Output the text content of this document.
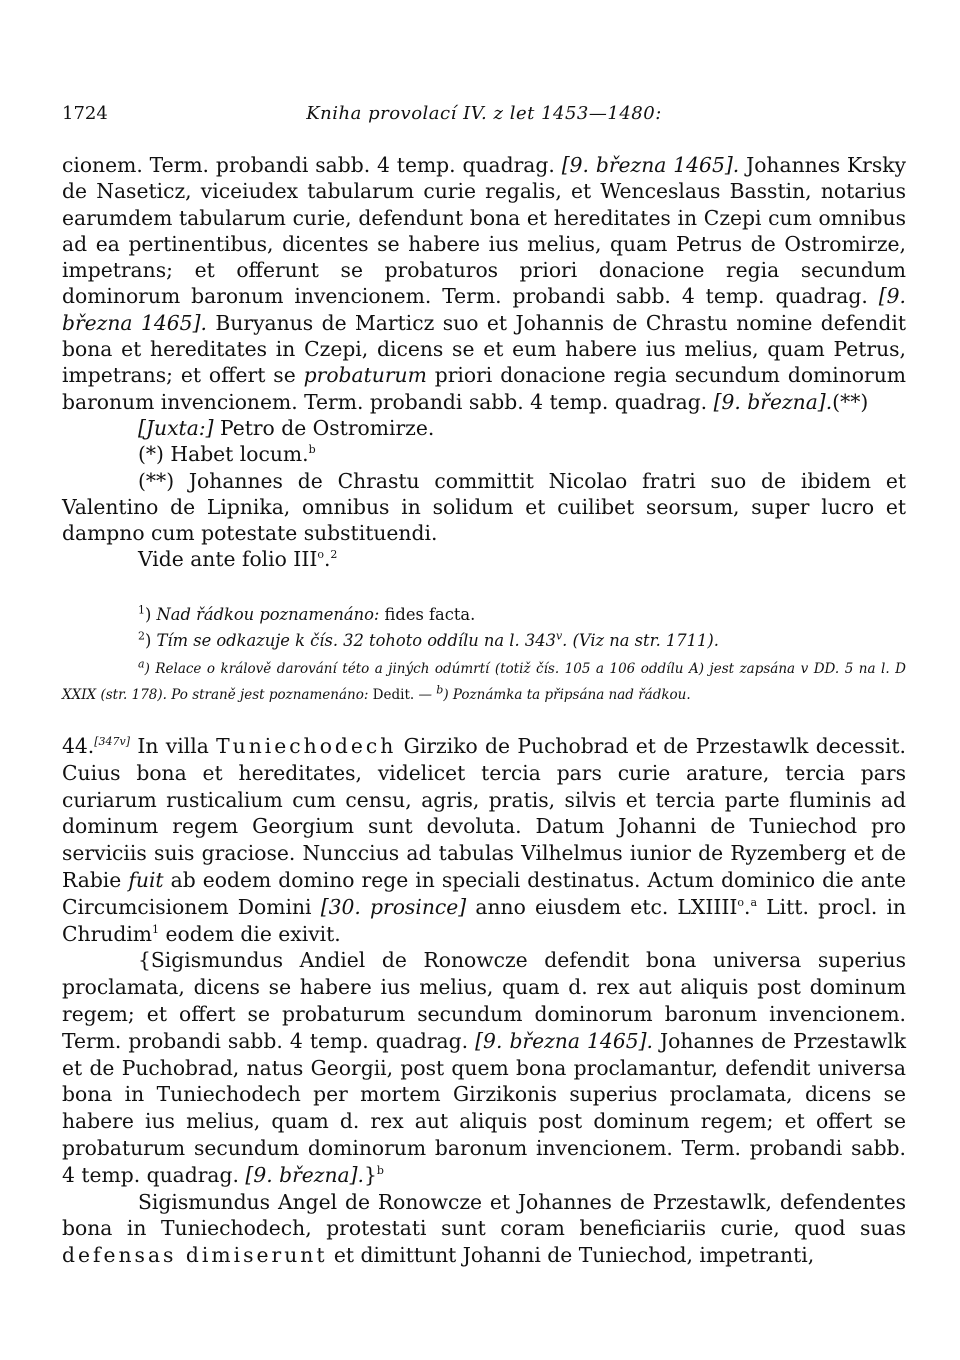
1724	Kniha provolací IV. z let 1453—1480:

cionem. Term. probandi sabb. 4 temp. quadrag. [9. března 1465]. Johannes Krsky de Naseticz, viceiudex tabularum curie regalis, et Wenceslaus Basstin, notarius earumdem tabularum curie, defendunt bona et hereditates in Czepi cum omnibus ad ea pertinentibus, dicentes se habere ius melius, quam Petrus de Ostromirze, impetrans; et offerunt se probaturos priori donacione regia secundum dominorum baronum invencionem. Term. probandi sabb. 4 temp. quadrag. [9. března 1465]. Buryanus de Marticz suo et Johannis de Chrastu nomine defendit bona et hereditates in Czepi, dicens se et eum habere ius melius, quam Petrus, impetrans; et offert se probaturum priori donacione regia secundum dominorum baronum invencionem. Term. probandi sabb. 4 temp. quadrag. [9. března].(**)

[Juxta:] Petro de Ostromirze.

(*) Habet locum.$^b$

(**) Johannes de Chrastu committit Nicolao fratri suo de ibidem et Valentino de Lipnika, omnibus in solidum et cuilibet seorsum, super lucro et dampno cum potestate substituendi.

Vide ante folio III$^o$.$^2$

$^1$) Nad řádkou poznamenáno: fides facta.

$^2$) Tím se odkazuje k čís. 32 tohoto oddílu na l. 343$^v$. (Viz na str. 1711).

$^a$) Relace o králově darování této a jiných odúmrtí (totiž čís. 105 a 106 oddílu A) jest zapsána v DD. 5 na l. D XXIX (str. 178). Po straně jest poznamenáno: Dedit. — $^b$) Poznámka ta připsána nad řádkou.

44.[347v] In villa Tuniechodech Girziko de Puchobrad et de Przestawlk decessit. Cuius bona et hereditates, videlicet tercia pars curie arature, tercia pars curiarum rusticalium cum censu, agris, pratis, silvis et tercia parte fluminis ad dominum regem Georgium sunt devoluta. Datum Johanni de Tuniechod pro serviciis suis graciose. Nunccius ad tabulas Vilhelmus iunior de Ryzemberg et de Rabie fuit ab eodem domino rege in speciali destinatus. Actum dominico die ante Circumcisionem Domini [30. prosince] anno eiusdem etc. LXIIII$^o$.$^a$ Litt. procl. in Chrudim$^1$ eodem die exivit.

{Sigismundus Andiel de Ronowcze defendit bona universa superius proclamata, dicens se habere ius melius, quam d. rex aut aliquis post dominum regem; et offert se probaturum secundum dominorum baronum invencionem. Term. probandi sabb. 4 temp. quadrag. [9. března 1465]. Johannes de Przestawlk et de Puchobrad, natus Georgii, post quem bona proclamantur, defendit universa bona in Tuniechodech per mortem Girzikonis superius proclamata, dicens se habere ius melius, quam d. rex aut aliquis post dominum regem; et offert se probaturum secundum dominorum baronum invencionem. Term. probandi sabb. 4 temp. quadrag. [9. března].}$^b$

Sigismundus Angel de Ronowcze et Johannes de Przestawlk, defendentes bona in Tuniechodech, protestati sunt coram beneficiariis curie, quod suas defensas dimiserunt et dimittunt Johanni de Tuniechod, impetranti,
